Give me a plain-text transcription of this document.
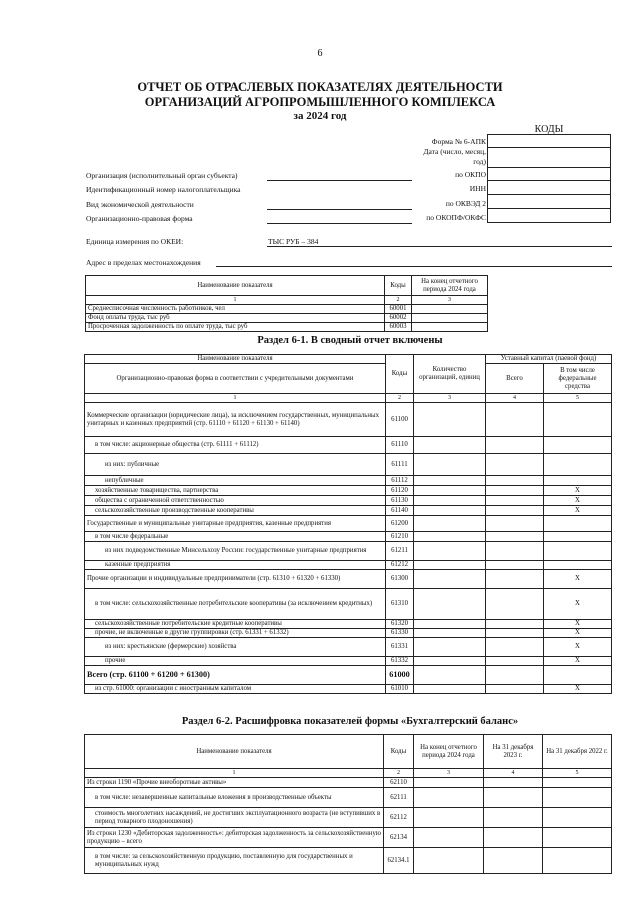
6
ОТЧЕТ ОБ ОТРАСЛЕВЫХ ПОКАЗАТЕЛЯХ ДЕЯТЕЛЬНОСТИ
ОРГАНИЗАЦИЙ АГРОПРОМЫШЛЕННОГО КОМПЛЕКСА
за 2024 год
КОДЫ
Форма № 6-АПК
Дата (число, месяц,
год)
по ОКПО
ИНН
по ОКВЭД 2
по ОКОПФ/ОКФС

Организация (исполнительный орган субъекта)
Идентификационный номер налогоплательщика
Вид экономической деятельности
Организационно-правовая форма
Единица измерения по ОКЕИ:	ТЫС РУБ – 384
Адрес в пределах местонахождения
Наименование показателя	Коды	На конец отчетного периода 2024 года
1	2	3
Среднесписочная численность работников, чел	60001	
Фонд оплаты труда, тыс руб	60002	
Просроченная задолженность по оплате труда, тыс руб	60003	
Раздел 6-1. В сводный отчет включены
Наименование показателя	Коды	Количество организаций, единиц	Уставный капитал (паевой фонд)	
Организационно-правовая форма в соответствии с учредительными документами			Всего	В том числе федеральные средства
1	2	3	4	5
Коммерческие организации (юридические лица), за исключением государственных, муниципальных унитарных и казенных предприятий (стр. 61110 + 61120 + 61130 + 61140)	61100			
в том числе: акционерные общества (стр. 61111 + 61112)	61110			
из них: публичные	61111			
непубличные	61112			
хозяйственные товарищества, партнерства	61120			X
общества с ограниченной ответственностью	61130			X
сельскохозяйственные производственные кооперативы	61140			X
Государственные и муниципальные унитарные предприятия, казенные предприятия	61200			
в том числе федеральные	61210			
из них подведомственные Минсельхозу России: государственные унитарные предприятия	61211			
казенные предприятия	61212			
Прочие организации и индивидуальные предприниматели (стр. 61310 + 61320 + 61330)	61300			X
в том числе: сельскохозяйственные потребительские кооперативы (за исключением кредитных)	61310			X
сельскохозяйственные потребительские кредитные кооперативы	61320			X
прочие, не включенные в другие группировки (стр. 61331 + 61332)	61330			X
из них: крестьянские (фермерские) хозяйства	61331			X
прочие	61332			X
Всего (стр. 61100 + 61200 + 61300)	61000			
из стр. 61000: организации с иностранным капиталом	61010			X
Раздел 6-2. Расшифровка показателей формы «Бухгалтерский баланс»
Наименование показателя	Коды	На конец отчетного периода 2024 года	На 31 декабря 2023 г.	На 31 декабря 2022 г.
1	2	3	4	5
Из строки 1190 «Прочие внеоборотные активы»	62110			
в том числе: незавершенные капитальные вложения в производственные объекты	62111			
стоимость многолетних насаждений, не достигших эксплуатационного возраста (не вступивших в период товарного плодоношения)	62112			
Из строки 1230 «Дебиторская задолженность»: дебиторская задолженность за сельскохозяйственную продукцию – всего	62134			
в том числе: за сельскохозяйственную продукцию, поставленную для государственных и муниципальных нужд	62134.1			
